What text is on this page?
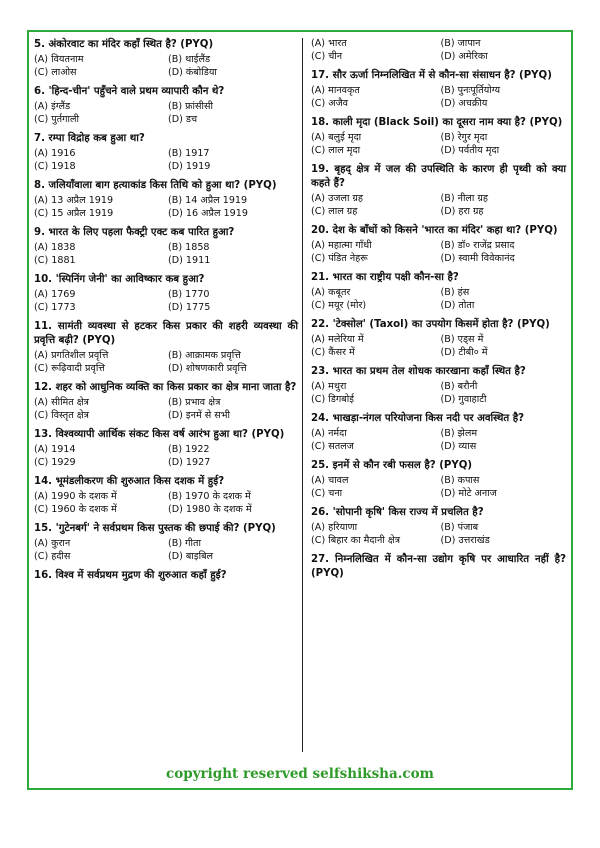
5. अंकोरवाट का मंदिर कहाँ स्थित है? (PYQ)
(A) वियतनाम	(B) थाईलैंड
(C) लाओस	(D) कंबोडिया
6. 'हिन्द-चीन' पहुँचने वाले प्रथम व्यापारी कौन थे?
(A) इंग्लैंड	(B) फ्रांसीसी
(C) पुर्तगाली	(D) डच
7. रम्पा विद्रोह कब हुआ था?
(A) 1916	(B) 1917
(C) 1918	(D) 1919
8. जलियाँवाला बाग हत्याकांड किस तिथि को हुआ था? (PYQ)
(A) 13 अप्रैल 1919	(B) 14 अप्रैल 1919
(C) 15 अप्रैल 1919	(D) 16 अप्रैल 1919
9. भारत के लिए पहला फैक्ट्री एक्ट कब पारित हुआ?
(A) 1838	(B) 1858
(C) 1881	(D) 1911
10. 'स्पिनिंग जेनी' का आविष्कार कब हुआ?
(A) 1769	(B) 1770
(C) 1773	(D) 1775
11. सामंती व्यवस्था से हटकर किस प्रकार की शहरी व्यवस्था की प्रवृत्ति बढ़ी? (PYQ)
(A) प्रगतिशील प्रवृत्ति	(B) आक्रामक प्रवृत्ति
(C) रूढ़िवादी प्रवृत्ति	(D) शोषणकारी प्रवृत्ति
12. शहर को आधुनिक व्यक्ति का किस प्रकार का क्षेत्र माना जाता है?
(A) सीमित क्षेत्र	(B) प्रभाव क्षेत्र
(C) विस्तृत क्षेत्र	(D) इनमें से सभी
13. विश्वव्यापी आर्थिक संकट किस वर्ष आरंभ हुआ था? (PYQ)
(A) 1914	(B) 1922
(C) 1929	(D) 1927
14. भूमंडलीकरण की शुरुआत किस दशक में हुई?
(A) 1990 के दशक में	(B) 1970 के दशक में
(C) 1960 के दशक में	(D) 1980 के दशक में
15. 'गुटेनबर्ग' ने सर्वप्रथम किस पुस्तक की छपाई की? (PYQ)
(A) कुरान	(B) गीता
(C) हदीस	(D) बाइबिल
16. विश्व में सर्वप्रथम मुद्रण की शुरुआत कहाँ हुई?
(A) भारत	(B) जापान
(C) चीन	(D) अमेरिका
17. सौर ऊर्जा निम्नलिखित में से कौन-सा संसाधन है? (PYQ)
(A) मानवकृत	(B) पुनःपूर्तियोग्य
(C) अजैव	(D) अचक्रीय
18. काली मृदा (Black Soil) का दूसरा नाम क्या है? (PYQ)
(A) बलुई मृदा	(B) रेगुर मृदा
(C) लाल मृदा	(D) पर्वतीय मृदा
19. बृहद् क्षेत्र में जल की उपस्थिति के कारण ही पृथ्वी को क्या कहते हैं?
(A) उजला ग्रह	(B) नीला ग्रह
(C) लाल ग्रह	(D) हरा ग्रह
20. देश के बाँधों को किसने 'भारत का मंदिर' कहा था? (PYQ)
(A) महात्मा गाँधी	(B) डॉ० राजेंद्र प्रसाद
(C) पंडित नेहरू	(D) स्वामी विवेकानंद
21. भारत का राष्ट्रीय पक्षी कौन-सा है?
(A) कबूतर	(B) हंस
(C) मयूर (मोर)	(D) तोता
22. 'टेक्सोल' (Taxol) का उपयोग किसमें होता है? (PYQ)
(A) मलेरिया में	(B) एड्स में
(C) कैंसर में	(D) टीबी० में
23. भारत का प्रथम तेल शोधक कारखाना कहाँ स्थित है?
(A) मथुरा	(B) बरौनी
(C) डिगबोई	(D) गुवाहाटी
24. भाखड़ा-नंगल परियोजना किस नदी पर अवस्थित है?
(A) नर्मदा	(B) झेलम
(C) सतलज	(D) व्यास
25. इनमें से कौन रबी फसल है? (PYQ)
(A) चावल	(B) कपास
(C) चना	(D) मोटे अनाज
26. 'सोपानी कृषि' किस राज्य में प्रचलित है?
(A) हरियाणा	(B) पंजाब
(C) बिहार का मैदानी क्षेत्र	(D) उत्तराखंड
27. निम्नलिखित में कौन-सा उद्योग कृषि पर आधारित नहीं है? (PYQ)
copyright reserved selfshiksha.com
